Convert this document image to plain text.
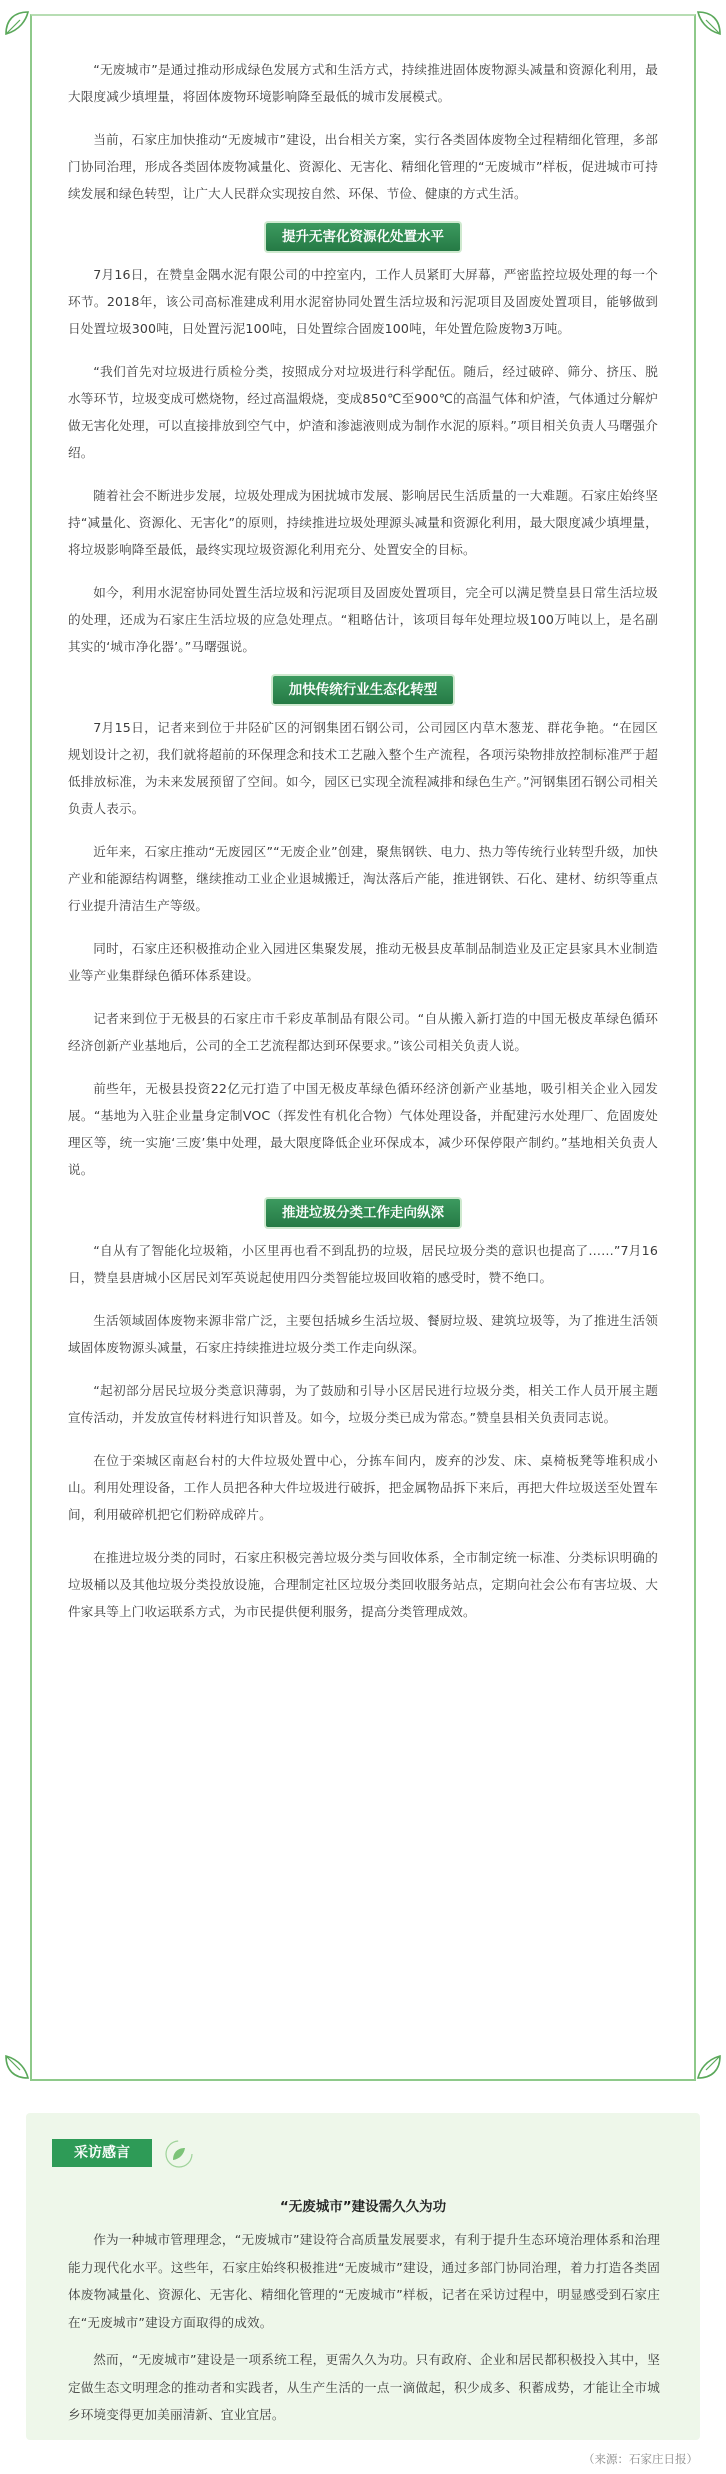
“无废城市”是通过推动形成绿色发展方式和生活方式，持续推进固体废物源头减量和资源化利用，最大限度减少填埋量，将固体废物环境影响降至最低的城市发展模式。

当前，石家庄加快推动“无废城市”建设，出台相关方案，实行各类固体废物全过程精细化管理，多部门协同治理，形成各类固体废物减量化、资源化、无害化、精细化管理的“无废城市”样板，促进城市可持续发展和绿色转型，让广大人民群众实现按自然、环保、节俭、健康的方式生活。

提升无害化资源化处置水平

7月16日，在赞皇金隅水泥有限公司的中控室内，工作人员紧盯大屏幕，严密监控垃圾处理的每一个环节。2018年，该公司高标准建成利用水泥窑协同处置生活垃圾和污泥项目及固废处置项目，能够做到日处置垃圾300吨，日处置污泥100吨，日处置综合固废100吨，年处置危险废物3万吨。

“我们首先对垃圾进行质检分类，按照成分对垃圾进行科学配伍。随后，经过破碎、筛分、挤压、脱水等环节，垃圾变成可燃烧物，经过高温煅烧，变成850℃至900℃的高温气体和炉渣，气体通过分解炉做无害化处理，可以直接排放到空气中，炉渣和渗滤液则成为制作水泥的原料。”项目相关负责人马曙强介绍。

随着社会不断进步发展，垃圾处理成为困扰城市发展、影响居民生活质量的一大难题。石家庄始终坚持“减量化、资源化、无害化”的原则，持续推进垃圾处理源头减量和资源化利用，最大限度减少填埋量，将垃圾影响降至最低，最终实现垃圾资源化利用充分、处置安全的目标。

如今，利用水泥窑协同处置生活垃圾和污泥项目及固废处置项目，完全可以满足赞皇县日常生活垃圾的处理，还成为石家庄生活垃圾的应急处理点。“粗略估计，该项目每年处理垃圾100万吨以上，是名副其实的‘城市净化器’。”马曙强说。

加快传统行业生态化转型

7月15日，记者来到位于井陉矿区的河钢集团石钢公司，公司园区内草木葱茏、群花争艳。“在园区规划设计之初，我们就将超前的环保理念和技术工艺融入整个生产流程，各项污染物排放控制标准严于超低排放标准，为未来发展预留了空间。如今，园区已实现全流程减排和绿色生产。”河钢集团石钢公司相关负责人表示。

近年来，石家庄推动“无废园区”“无废企业”创建，聚焦钢铁、电力、热力等传统行业转型升级，加快产业和能源结构调整，继续推动工业企业退城搬迁，淘汰落后产能，推进钢铁、石化、建材、纺织等重点行业提升清洁生产等级。

同时，石家庄还积极推动企业入园进区集聚发展，推动无极县皮革制品制造业及正定县家具木业制造业等产业集群绿色循环体系建设。

记者来到位于无极县的石家庄市千彩皮革制品有限公司。“自从搬入新打造的中国无极皮革绿色循环经济创新产业基地后，公司的全工艺流程都达到环保要求。”该公司相关负责人说。

前些年，无极县投资22亿元打造了中国无极皮革绿色循环经济创新产业基地，吸引相关企业入园发展。“基地为入驻企业量身定制VOC（挥发性有机化合物）气体处理设备，并配建污水处理厂、危固废处理区等，统一实施‘三废’集中处理，最大限度降低企业环保成本，减少环保停限产制约。”基地相关负责人说。

推进垃圾分类工作走向纵深

“自从有了智能化垃圾箱，小区里再也看不到乱扔的垃圾，居民垃圾分类的意识也提高了……”7月16日，赞皇县唐城小区居民刘军英说起使用四分类智能垃圾回收箱的感受时，赞不绝口。

生活领域固体废物来源非常广泛，主要包括城乡生活垃圾、餐厨垃圾、建筑垃圾等，为了推进生活领域固体废物源头减量，石家庄持续推进垃圾分类工作走向纵深。

“起初部分居民垃圾分类意识薄弱，为了鼓励和引导小区居民进行垃圾分类，相关工作人员开展主题宣传活动，并发放宣传材料进行知识普及。如今，垃圾分类已成为常态。”赞皇县相关负责同志说。

在位于栾城区南赵台村的大件垃圾处置中心，分拣车间内，废弃的沙发、床、桌椅板凳等堆积成小山。利用处理设备，工作人员把各种大件垃圾进行破拆，把金属物品拆下来后，再把大件垃圾送至处置车间，利用破碎机把它们粉碎成碎片。

在推进垃圾分类的同时，石家庄积极完善垃圾分类与回收体系，全市制定统一标准、分类标识明确的垃圾桶以及其他垃圾分类投放设施，合理制定社区垃圾分类回收服务站点，定期向社会公布有害垃圾、大件家具等上门收运联系方式，为市民提供便利服务，提高分类管理成效。

采访感言
“无废城市”建设需久久为功

作为一种城市管理理念，“无废城市”建设符合高质量发展要求，有利于提升生态环境治理体系和治理能力现代化水平。这些年，石家庄始终积极推进“无废城市”建设，通过多部门协同治理，着力打造各类固体废物减量化、资源化、无害化、精细化管理的“无废城市”样板，记者在采访过程中，明显感受到石家庄在“无废城市”建设方面取得的成效。

然而，“无废城市”建设是一项系统工程，更需久久为功。只有政府、企业和居民都积极投入其中，坚定做生态文明理念的推动者和实践者，从生产生活的一点一滴做起，积少成多、积蓄成势，才能让全市城乡环境变得更加美丽清新、宜业宜居。

（来源：石家庄日报）
